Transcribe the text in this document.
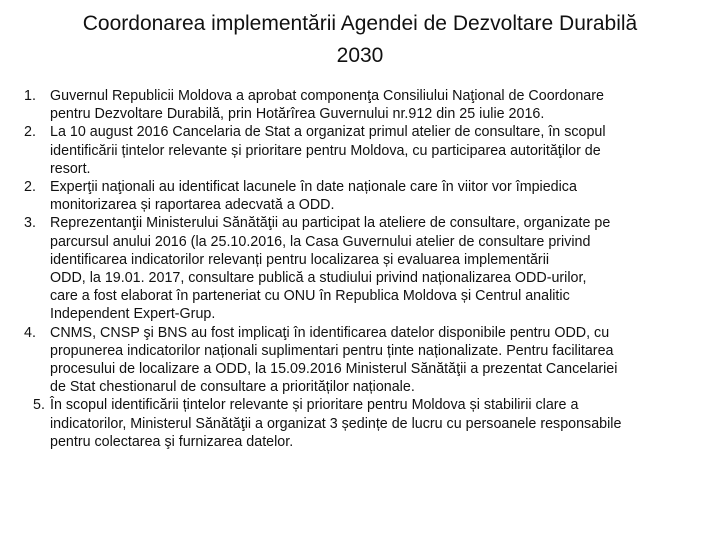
Coordonarea implementării Agendei de Dezvoltare Durabilă
2030
1. Guvernul Republicii Moldova a aprobat componenţa Consiliului Naţional de Coordonare
pentru Dezvoltare Durabilă, prin Hotărîrea Guvernului nr.912 din 25 iulie 2016.
2. La 10 august 2016 Cancelaria de Stat a organizat primul atelier de consultare, în scopul
identificării țintelor relevante și prioritare pentru Moldova, cu participarea autorităţilor de
resort.
2. Experţii naţionali au identificat lacunele în date naționale care în viitor vor împiedica
monitorizarea și raportarea adecvată a ODD.
3. Reprezentanţii Ministerului Sănătăţii au participat la ateliere de consultare, organizate pe
parcursul anului 2016 (la 25.10.2016, la Casa Guvernului atelier de consultare privind
identificarea indicatorilor relevanți pentru localizarea și evaluarea implementării
ODD, la 19.01. 2017, consultare publică a studiului privind naționalizarea ODD-urilor,
care a fost elaborat în parteneriat cu ONU în Republica Moldova și Centrul analitic
Independent Expert-Grup.
4. CNMS, CNSP şi BNS au fost implicaţi în identificarea datelor disponibile pentru ODD, cu
propunerea indicatorilor naționali suplimentari pentru ținte naționalizate. Pentru facilitarea
procesului de localizare a ODD, la 15.09.2016 Ministerul Sănătăţii a prezentat Cancelariei
de Stat chestionarul de consultare a priorităților naționale.
5. În scopul identificării țintelor relevante și prioritare pentru Moldova și stabilirii clare a
indicatorilor, Ministerul Sănătăţii a organizat 3 ședințe de lucru cu persoanele responsabile
pentru colectarea şi furnizarea datelor.
